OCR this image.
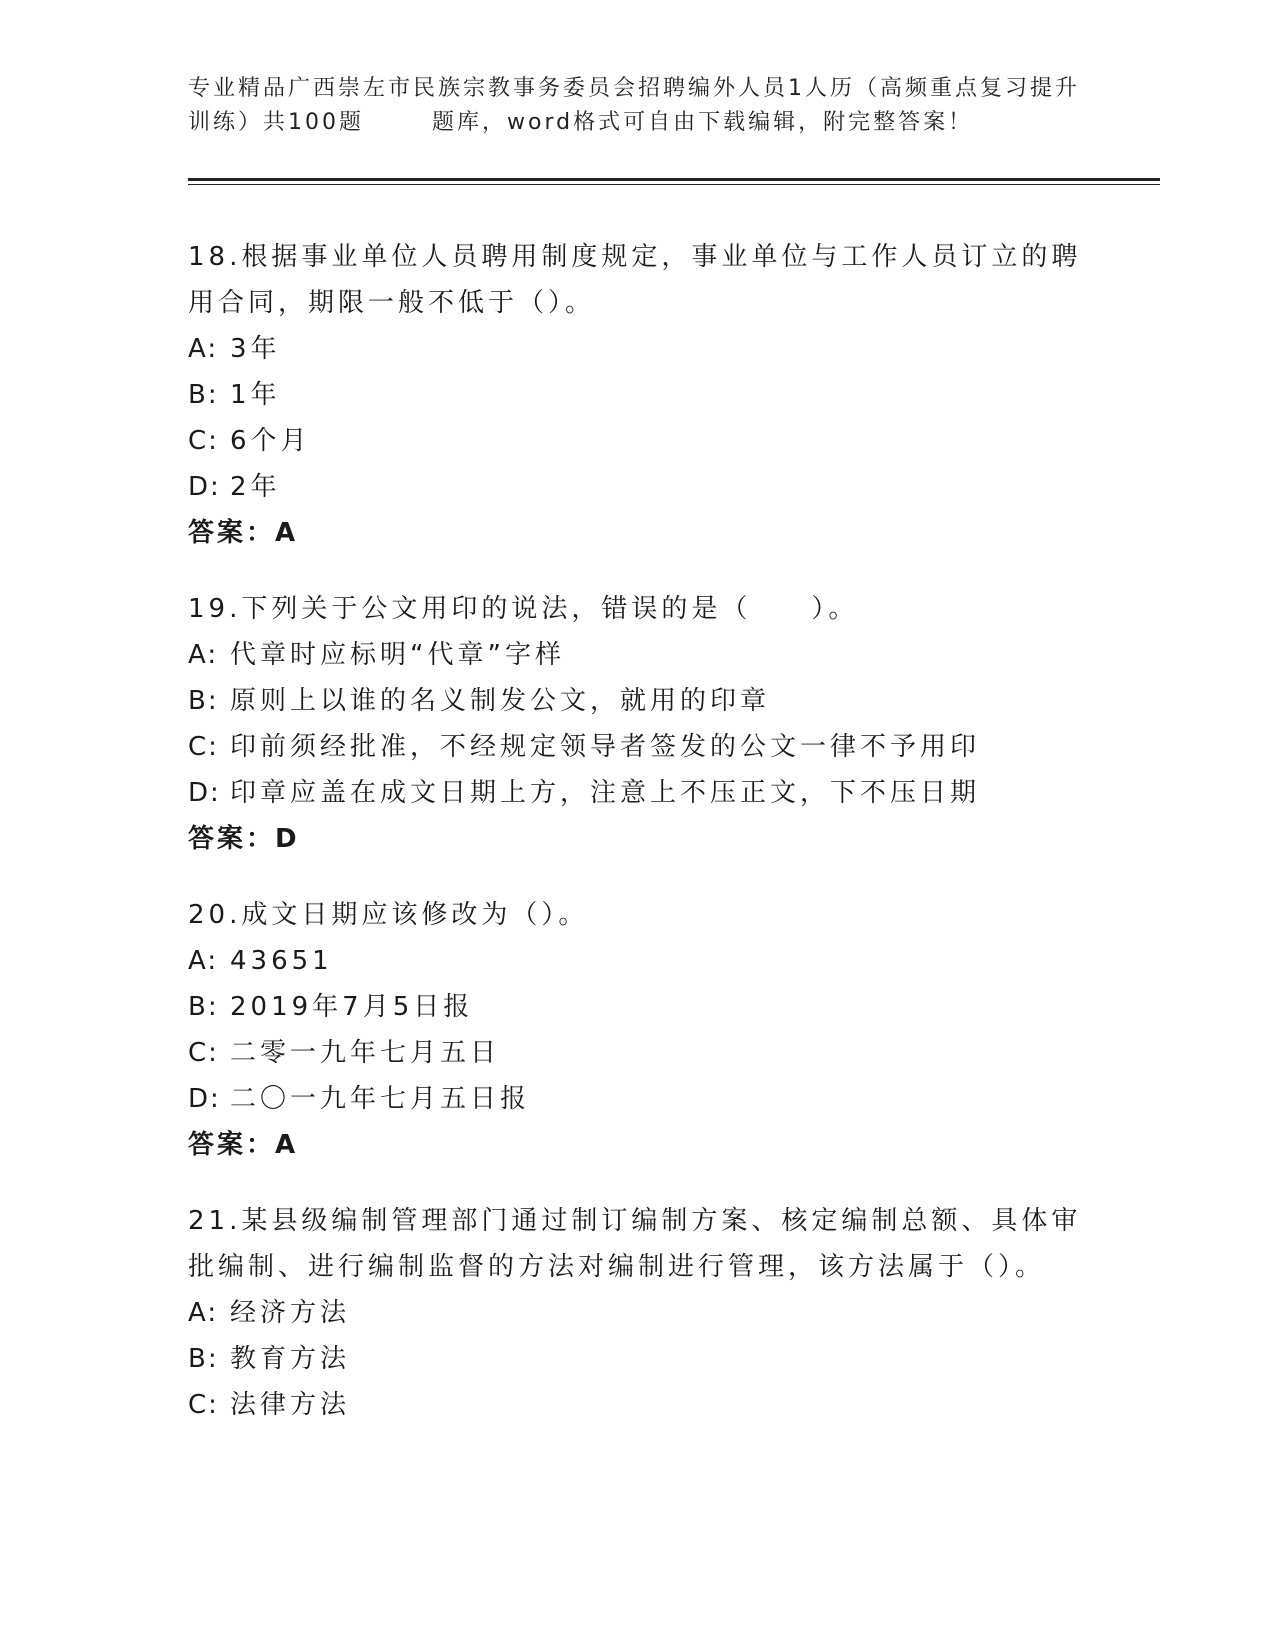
专业精品广西崇左市民族宗教事务委员会招聘编外人员1人历（高频重点复习提升
训练）共100题	题库，word格式可自由下载编辑，附完整答案！

18.根据事业单位人员聘用制度规定，事业单位与工作人员订立的聘用合同，期限一般不低于（）。

A: 3年

B: 1年

C: 6个月

D: 2年

答案：A

19.下列关于公文用印的说法，错误的是（　　）。

A: 代章时应标明“代章”字样

B: 原则上以谁的名义制发公文，就用的印章

C: 印前须经批准，不经规定领导者签发的公文一律不予用印

D: 印章应盖在成文日期上方，注意上不压正文，下不压日期

答案：D

20.成文日期应该修改为（）。

A: 43651

B: 2019年7月5日报

C: 二零一九年七月五日

D: 二〇一九年七月五日报

答案：A

21.某县级编制管理部门通过制订编制方案、核定编制总额、具体审批编制、进行编制监督的方法对编制进行管理，该方法属于（）。

A: 经济方法

B: 教育方法

C: 法律方法
